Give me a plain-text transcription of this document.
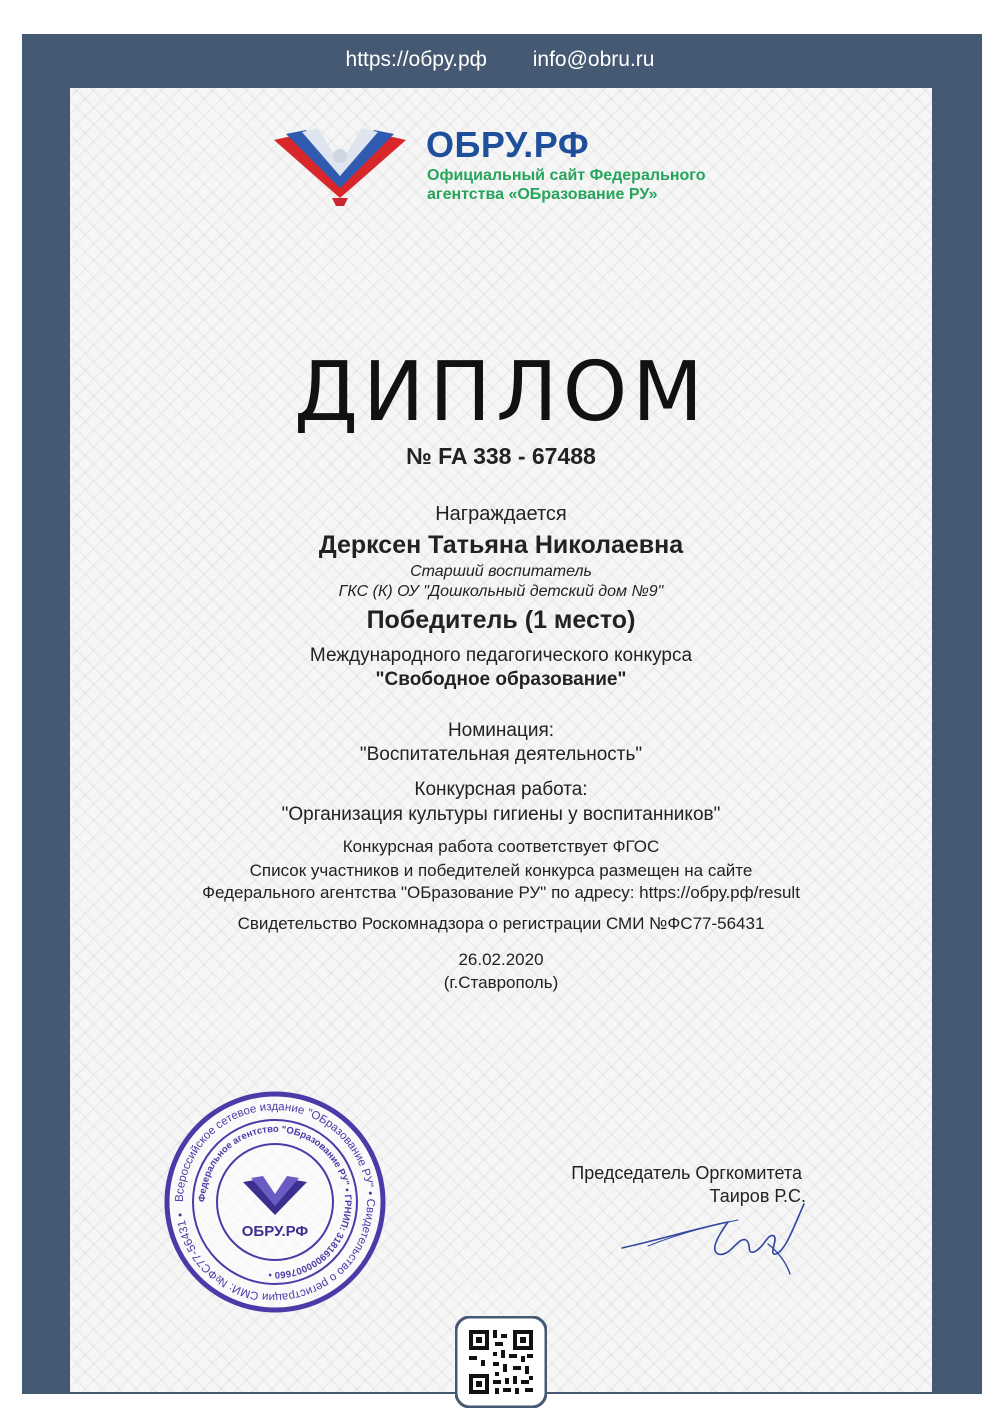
https://обру.рф info@obru.ru
ОБРУ.РФ
Официальный сайт Федерального
агентства «ОБразование РУ»
ДИПЛОМ
№ FA 338 - 67488
Награждается
Дерксен Татьяна Николаевна
Старший воспитатель
ГКС (К) ОУ "Дошкольный детский дом №9"
Победитель (1 место)
Международного педагогического конкурса
"Свободное образование"
Номинация:
"Воспитательная деятельность"
Конкурсная работа:
"Организация культуры гигиены у воспитанников"
Конкурсная работа соответствует ФГОС
Список участников и победителей конкурса размещен на сайте
Федерального агентства "ОБразование РУ" по адресу: https://обру.рф/result
Свидетельство Роскомнадзора о регистрации СМИ №ФС77-56431
26.02.2020
(г.Ставрополь)
Всероссийское сетевое издание "ОБразование РУ" • Свидетельство о регистрации СМИ: №ФС77-56431 •
Федеральное агентство "ОБразование РУ" • ГРНИП: 318169000007660 •
ОБРУ.РФ
Председатель Оргкомитета
Таиров Р.С.
